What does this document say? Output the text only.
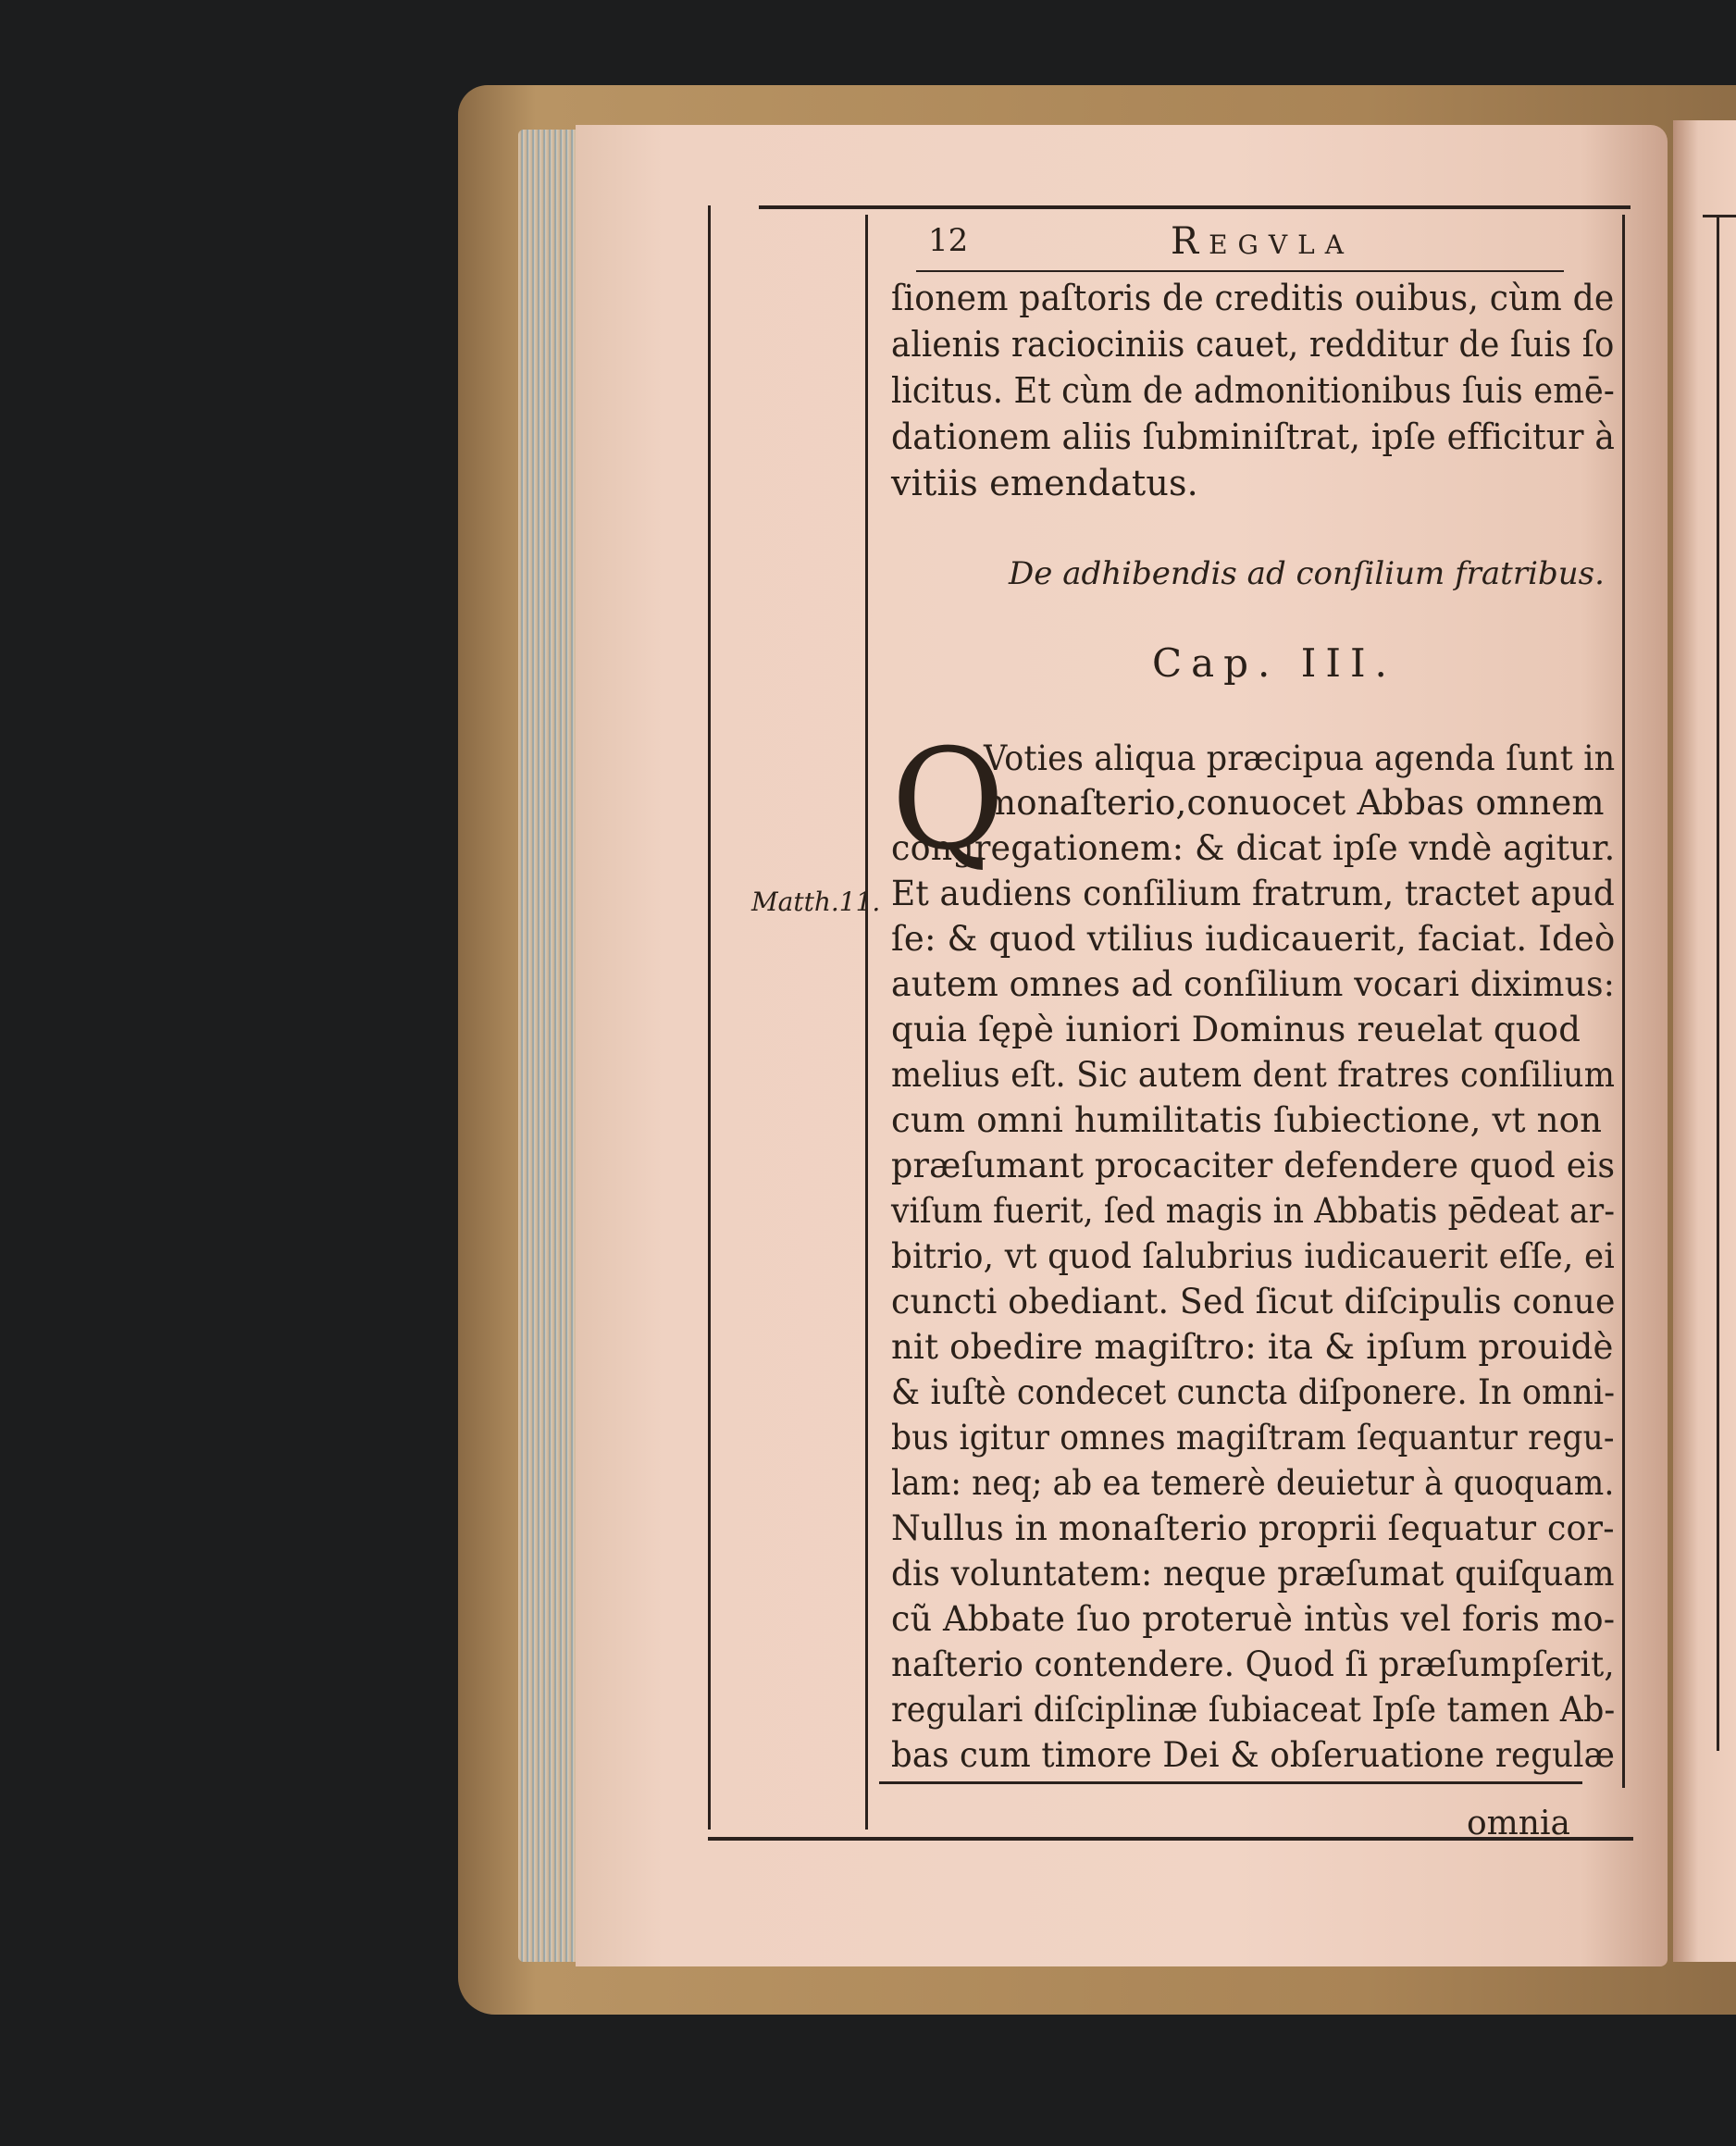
12	Regvla
ſionem paſtoris de creditis ouibus, cùm de
alienis raciociniis cauet, redditur de ſuis ſo
licitus. Et cùm de admonitionibus ſuis emē-
dationem aliis ſubminiſtrat, ipſe efficitur à
vitiis emendatus.
De adhibendis ad conſilium fratribus.
Cap. III.
Q
Matth.11.
Voties aliqua præcipua agenda ſunt in
monaſterio,conuocet Abbas omnem
congregationem: & dicat ipſe vndè agitur.
Et audiens conſilium fratrum, tractet apud
ſe: & quod vtilius iudicauerit, faciat. Ideò
autem omnes ad conſilium vocari diximus:
quia ſępè iuniori Dominus reuelat quod
melius eſt. Sic autem dent fratres conſilium
cum omni humilitatis ſubiectione, vt non
præſumant procaciter defendere quod eis
viſum fuerit, ſed magis in Abbatis pēdeat ar-
bitrio, vt quod ſalubrius iudicauerit eſſe, ei
cuncti obediant. Sed ſicut diſcipulis conue
nit obedire magiſtro: ita & ipſum prouidè
& iuſtè condecet cuncta diſponere. In omni-
bus igitur omnes magiſtram ſequantur regu-
lam: neq; ab ea temerè deuietur à quoquam.
Nullus in monaſterio proprii ſequatur cor-
dis voluntatem: neque præſumat quiſquam
cũ Abbate ſuo proteruè intùs vel foris mo-
naſterio contendere. Quod ſi præſumpſerit,
regulari diſciplinæ ſubiaceat Ipſe tamen Ab-
bas cum timore Dei & obſeruatione regulæ
omnia
